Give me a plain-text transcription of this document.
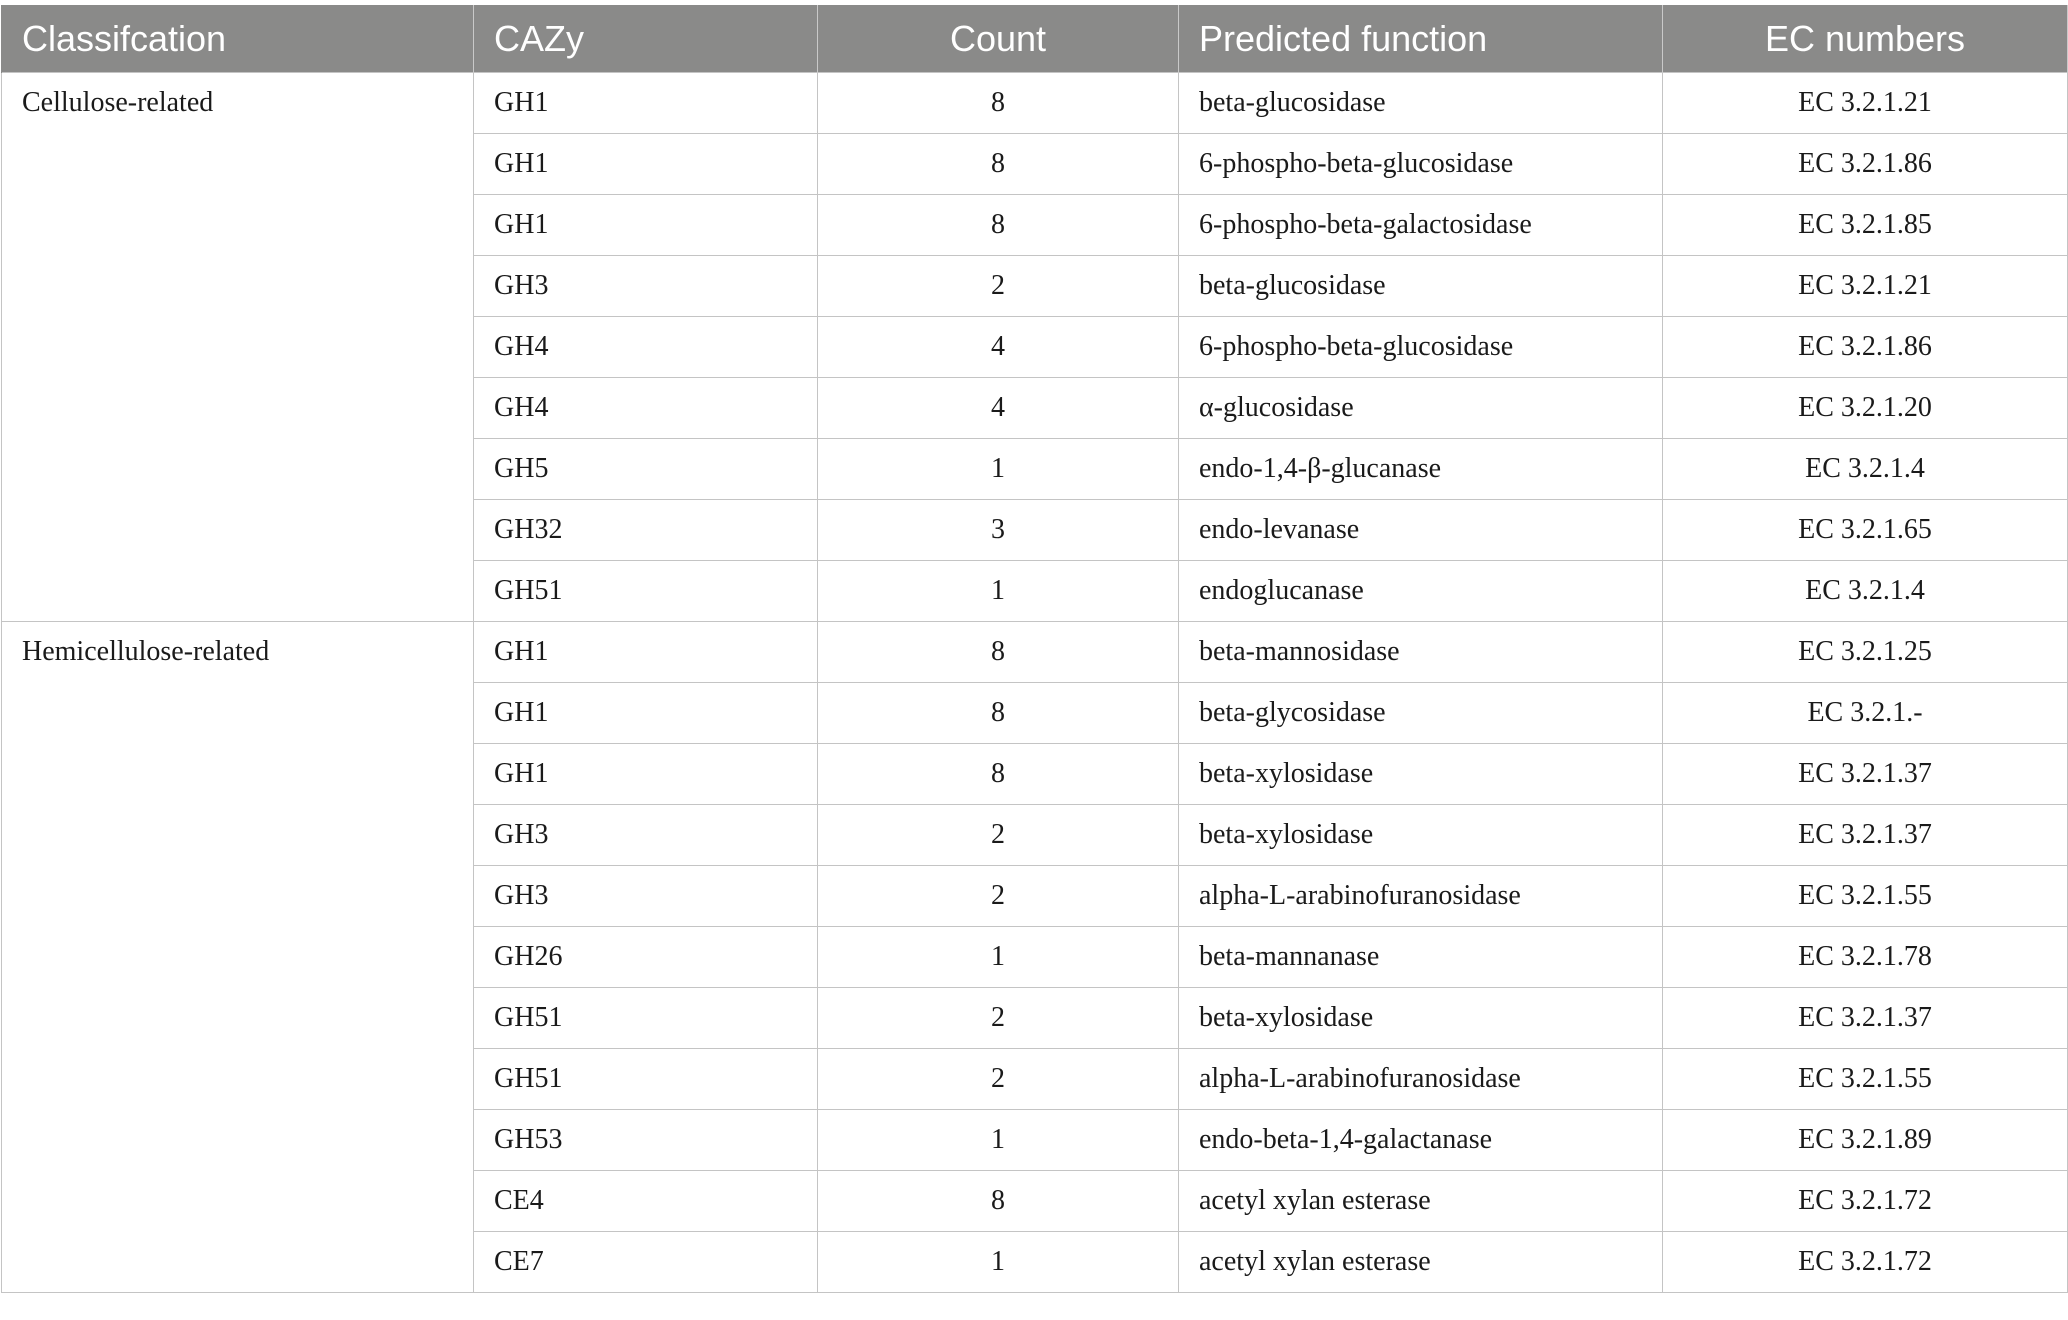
Classifcation	CAZy	Count	Predicted function	EC numbers
Cellulose-related	GH1	8	beta-glucosidase	EC 3.2.1.21
	GH1	8	6-phospho-beta-glucosidase	EC 3.2.1.86
	GH1	8	6-phospho-beta-galactosidase	EC 3.2.1.85
	GH3	2	beta-glucosidase	EC 3.2.1.21
	GH4	4	6-phospho-beta-glucosidase	EC 3.2.1.86
	GH4	4	α-glucosidase	EC 3.2.1.20
	GH5	1	endo-1,4-β-glucanase	EC 3.2.1.4
	GH32	3	endo-levanase	EC 3.2.1.65
	GH51	1	endoglucanase	EC 3.2.1.4
Hemicellulose-related	GH1	8	beta-mannosidase	EC 3.2.1.25
	GH1	8	beta-glycosidase	EC 3.2.1.-
	GH1	8	beta-xylosidase	EC 3.2.1.37
	GH3	2	beta-xylosidase	EC 3.2.1.37
	GH3	2	alpha-L-arabinofuranosidase	EC 3.2.1.55
	GH26	1	beta-mannanase	EC 3.2.1.78
	GH51	2	beta-xylosidase	EC 3.2.1.37
	GH51	2	alpha-L-arabinofuranosidase	EC 3.2.1.55
	GH53	1	endo-beta-1,4-galactanase	EC 3.2.1.89
	CE4	8	acetyl xylan esterase	EC 3.2.1.72
	CE7	1	acetyl xylan esterase	EC 3.2.1.72
